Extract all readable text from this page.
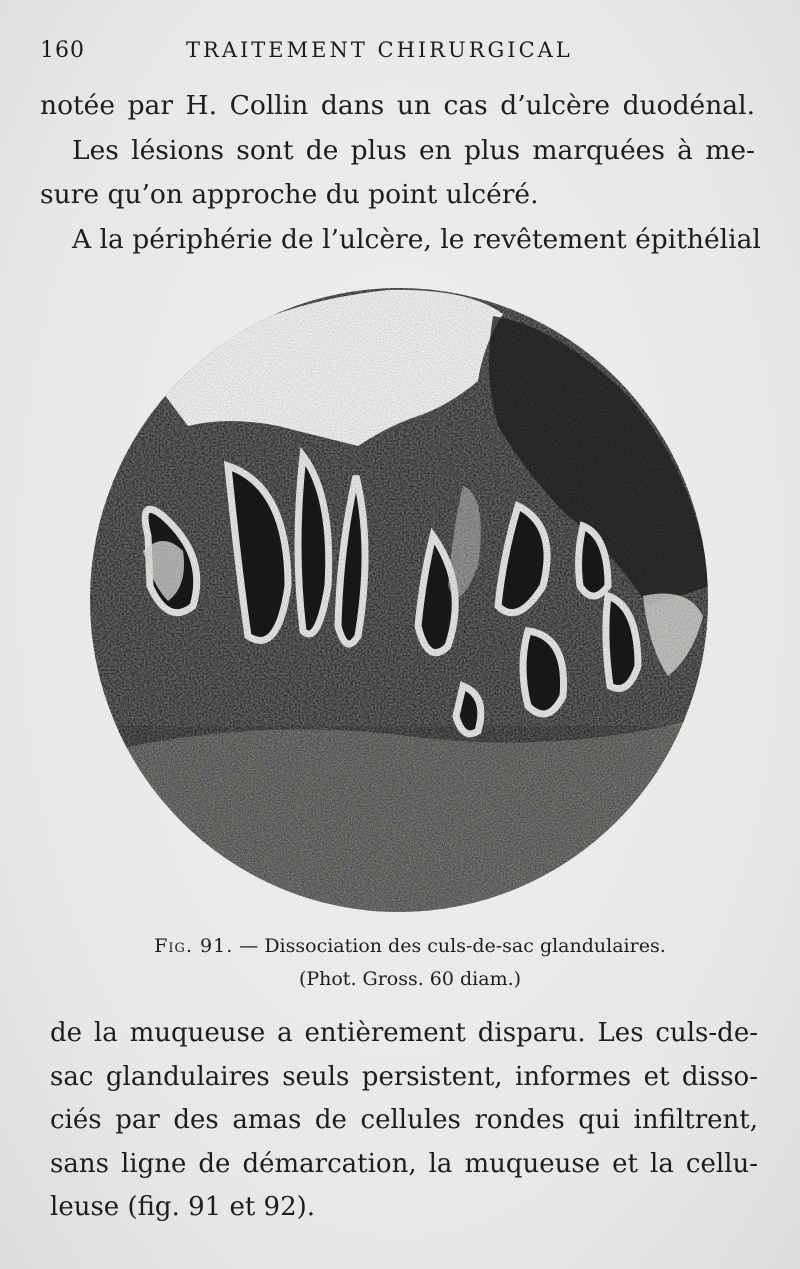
160	TRAITEMENT CHIRURGICAL
notée par H. Collin dans un cas d’ulcère duodénal.
Les lésions sont de plus en plus marquées à me-
sure qu’on approche du point ulcéré.
A la périphérie de l’ulcère, le revêtement épithélial
Fig. 91. — Dissociation des culs-de-sac glandulaires.
(Phot. Gross. 60 diam.)
de la muqueuse a entièrement disparu. Les culs-de-
sac glandulaires seuls persistent, informes et disso-
ciés par des amas de cellules rondes qui infiltrent,
sans ligne de démarcation, la muqueuse et la cellu-
leuse (fig. 91 et 92).
